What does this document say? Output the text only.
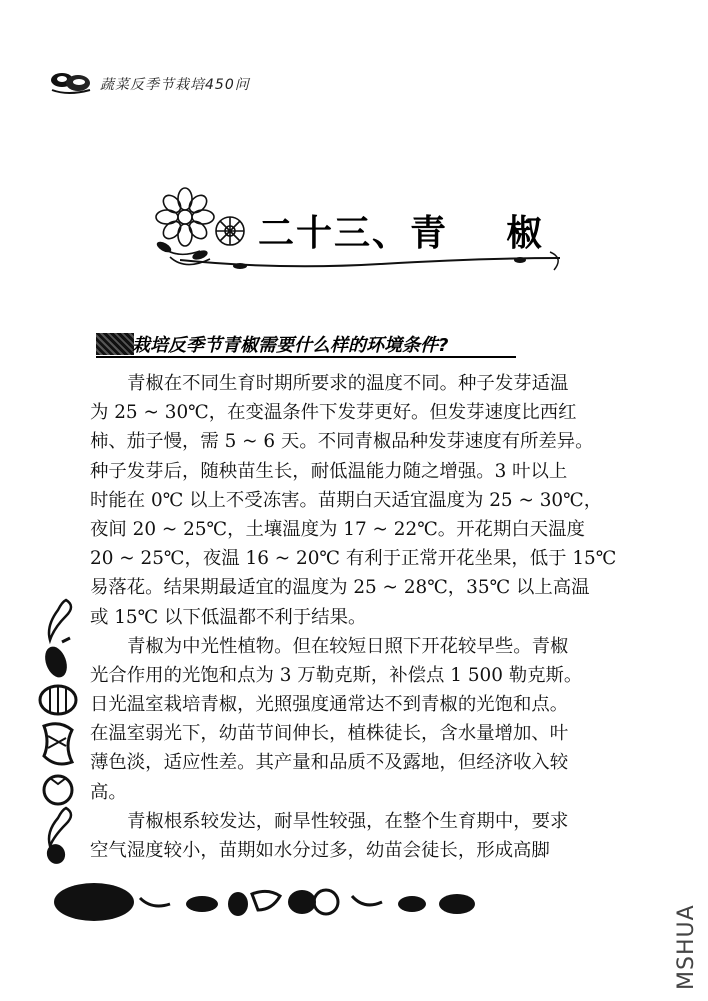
蔬菜反季节栽培450问
二十三、青    椒
栽培反季节青椒需要什么样的环境条件?
青椒在不同生育时期所要求的温度不同。种子发芽适温
为 25 ~ 30℃，在变温条件下发芽更好。但发芽速度比西红
柿、茄子慢，需 5 ~ 6 天。不同青椒品种发芽速度有所差异。
种子发芽后，随秧苗生长，耐低温能力随之增强。3 叶以上
时能在 0℃ 以上不受冻害。苗期白天适宜温度为 25 ~ 30℃，
夜间 20 ~ 25℃，土壤温度为 17 ~ 22℃。开花期白天温度
20 ~ 25℃，夜温 16 ~ 20℃ 有利于正常开花坐果，低于 15℃
易落花。结果期最适宜的温度为 25 ~ 28℃，35℃ 以上高温
或 15℃ 以下低温都不利于结果。
青椒为中光性植物。但在较短日照下开花较早些。青椒
光合作用的光饱和点为 3 万勒克斯，补偿点 1 500 勒克斯。
日光温室栽培青椒，光照强度通常达不到青椒的光饱和点。
在温室弱光下，幼苗节间伸长，植株徒长，含水量增加、叶
薄色淡，适应性差。其产量和品质不及露地，但经济收入较
高。
青椒根系较发达，耐旱性较强，在整个生育期中，要求
空气湿度较小，苗期如水分过多，幼苗会徒长，形成高脚
MSHUA
